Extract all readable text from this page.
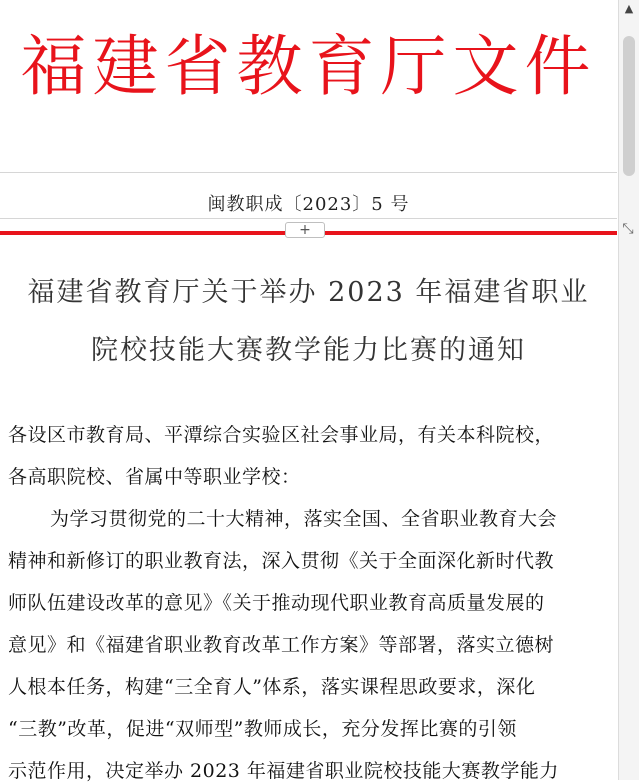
福建省教育厅文件
闽教职成〔2023〕5 号
+
福建省教育厅关于举办 2023 年福建省职业
院校技能大赛教学能力比赛的通知
各设区市教育局、平潭综合实验区社会事业局，有关本科院校，
各高职院校、省属中等职业学校：
为学习贯彻党的二十大精神，落实全国、全省职业教育大会
精神和新修订的职业教育法，深入贯彻《关于全面深化新时代教
师队伍建设改革的意见》《关于推动现代职业教育高质量发展的
意见》和《福建省职业教育改革工作方案》等部署，落实立德树
人根本任务，构建“三全育人”体系，落实课程思政要求，深化
“三教”改革，促进“双师型”教师成长，充分发挥比赛的引领
示范作用，决定举办 2023 年福建省职业院校技能大赛教学能力
▲
⤡
